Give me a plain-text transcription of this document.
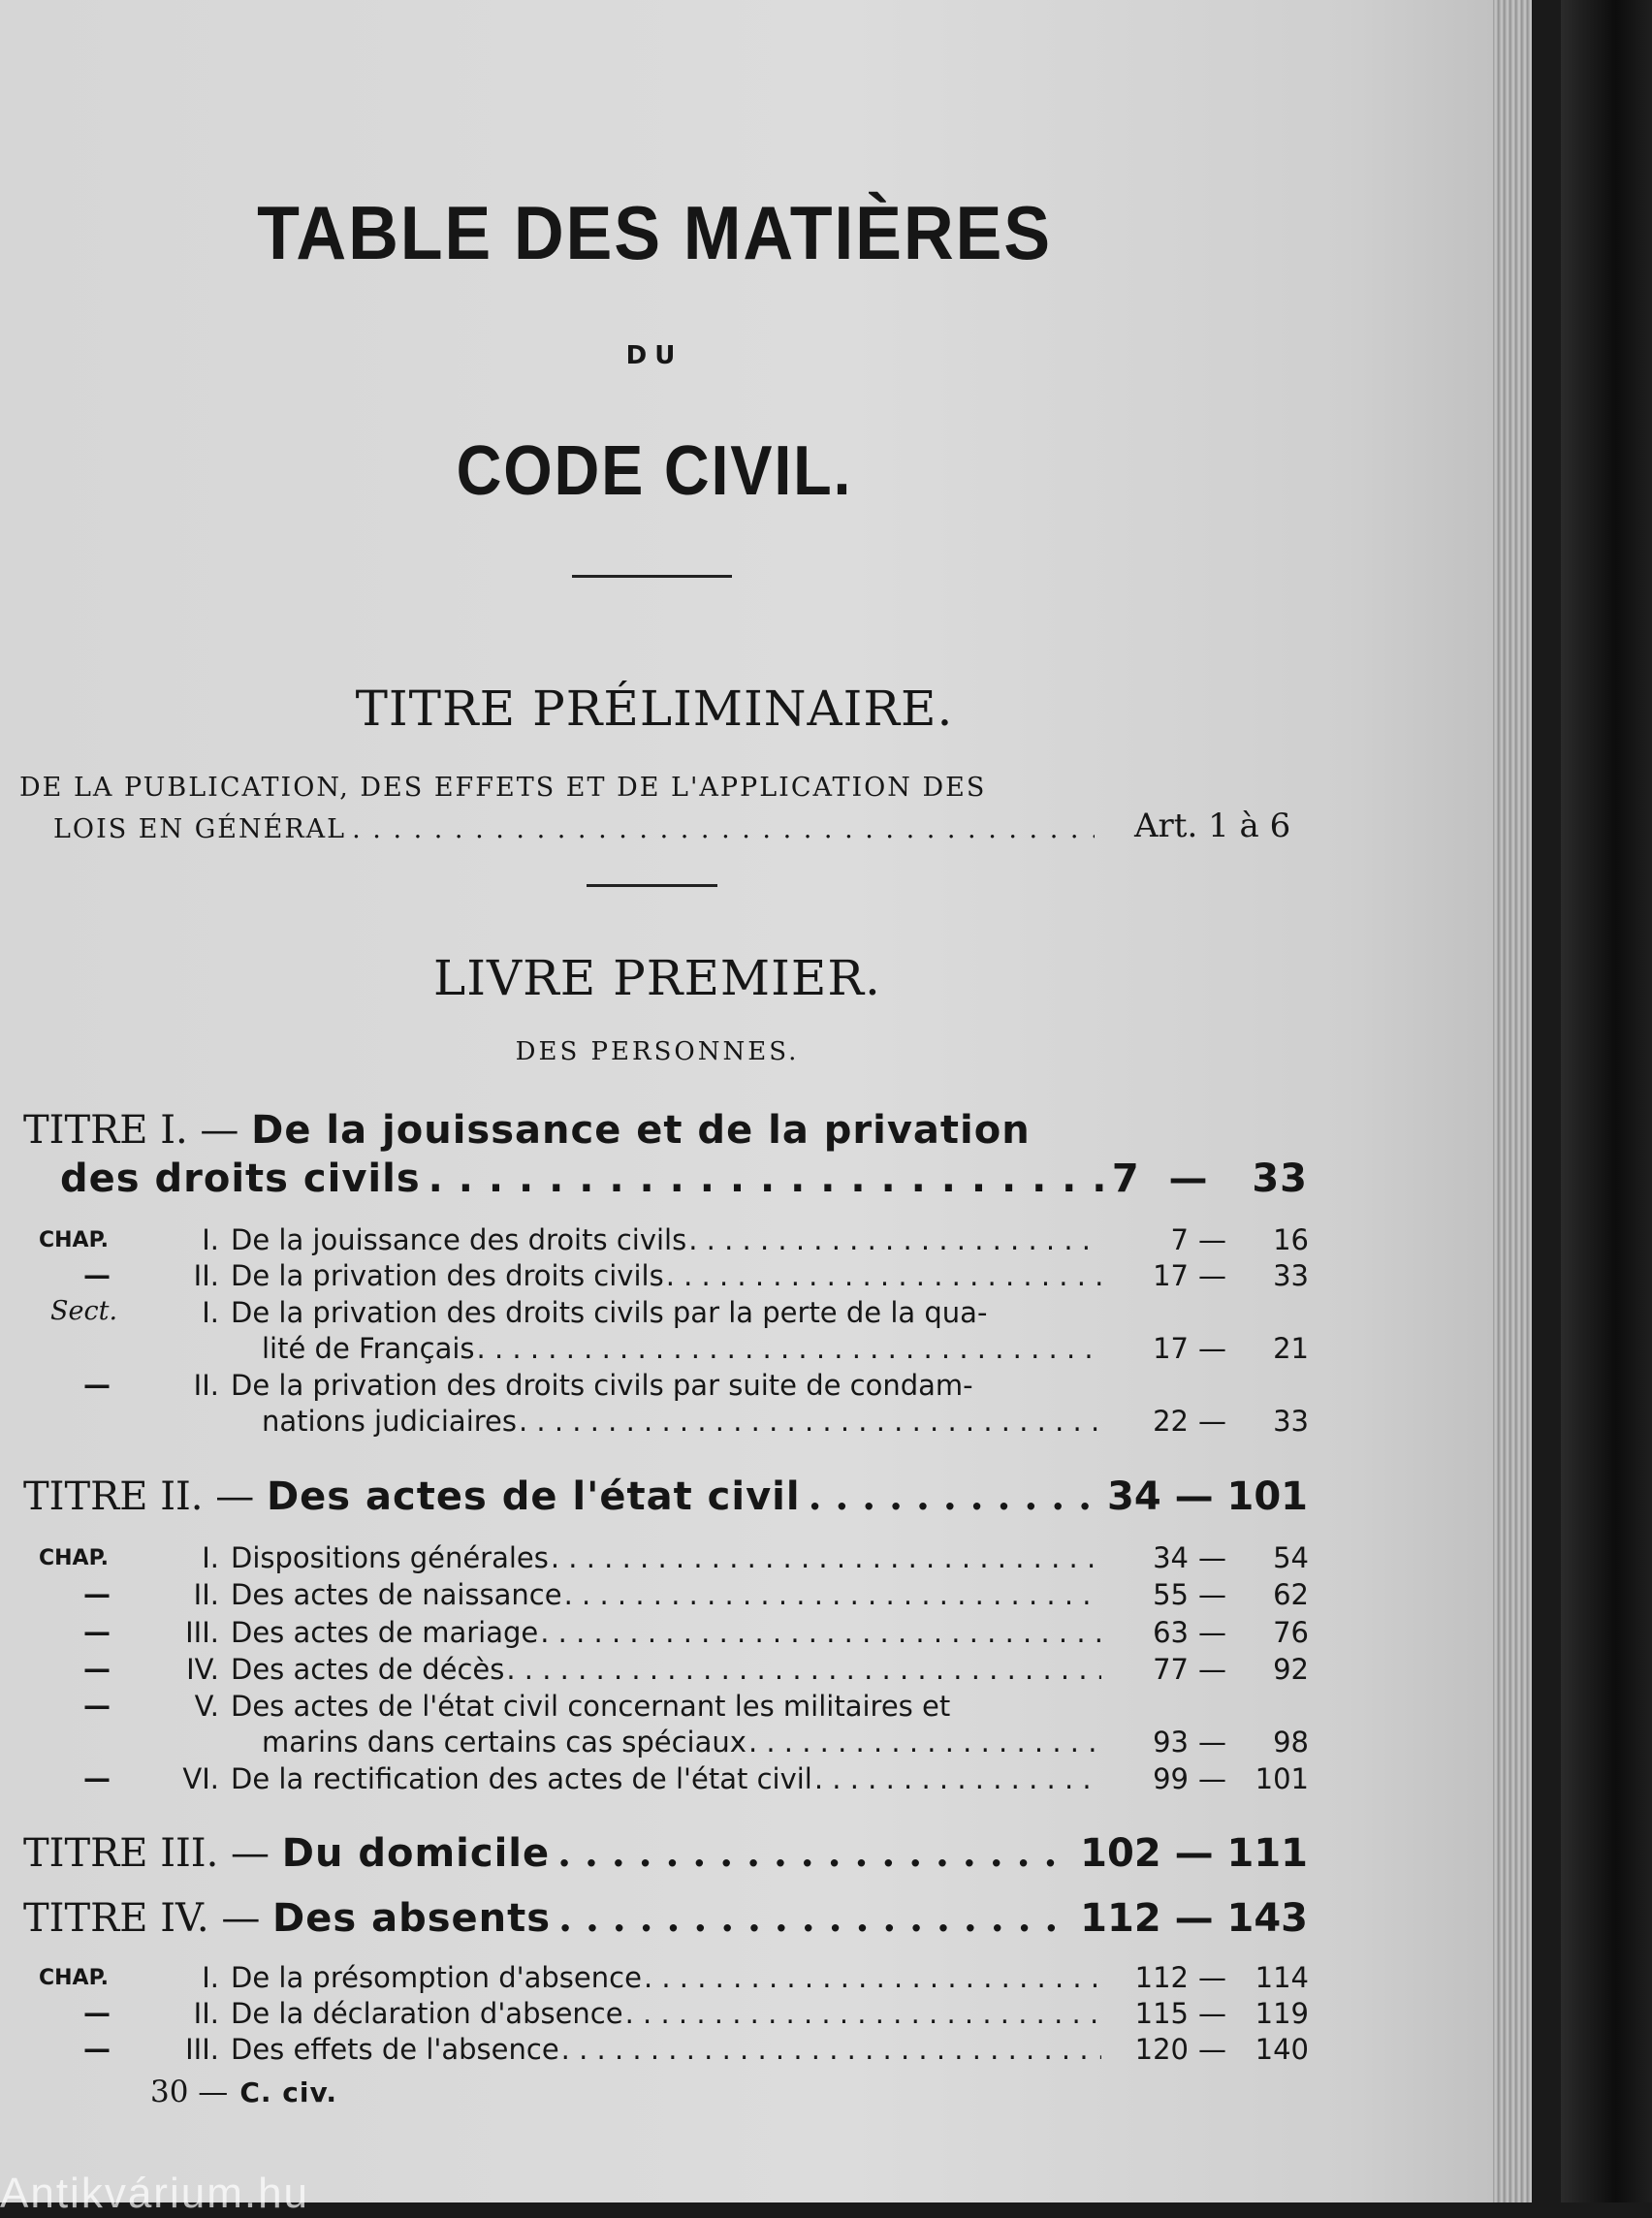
TABLE DES MATIÈRES
DU
CODE CIVIL.
TITRE PRÉLIMINAIRE.
DE LA PUBLICATION, DES EFFETS ET DE L'APPLICATION DES
LOIS EN GÉNÉRAL . . .	Art. 1 à 6
LIVRE PREMIER.
DES PERSONNES.
TITRE I. —
De la jouissance et de la privation
des droits civils . . .	7  —   33
CHAP.	I. De la jouissance des droits civils . . .	7 —	16
—	II. De la privation des droits civils . . .	17 —	33
Sect.	I. De la privation des droits civils par la perte de la qua-
lité de Français . . .	17 —	21
—	II. De la privation des droits civils par suite de condam-
nations judiciaires . . .	22 —	33
TITRE II. —
Des actes de l'état civil . . .	34 — 101
CHAP.	I. Dispositions générales . . .	34 —	54
—	II. Des actes de naissance . . .	55 —	62
—	III. Des actes de mariage . . .	63 —	76
—	IV. Des actes de décès . . .	77 —	92
—	V. Des actes de l'état civil concernant les militaires et
marins dans certains cas spéciaux . . .	93 —	98
—	VI. De la rectification des actes de l'état civil . . .	99 —	101
TITRE III. —
Du domicile . . .	102 — 111
TITRE IV. —
Des absents . . .	112 — 143
CHAP.	I. De la présomption d'absence . . .	112 —	114
—	II. De la déclaration d'absence . . .	115 —	119
—	III. Des effets de l'absence . . .	120 —	140
30 — C. civ.
Antikvárium.hu
